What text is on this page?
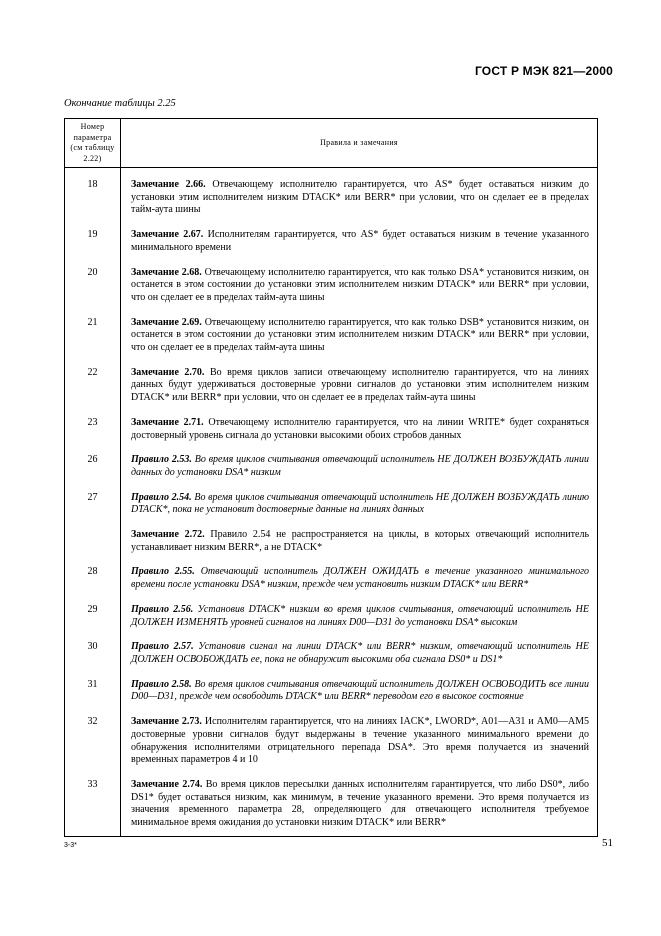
ГОСТ Р МЭК 821—2000
Окончание таблицы 2.25
Номер параметра (см таблицу 2.22)	Правила и замечания
18	Замечание 2.66. Отвечающему исполнителю гарантируется, что AS* будет оставаться низким до установки этим исполнителем низким DTACK* или BERR* при условии, что он сделает ее в пределах тайм-аута шины
19	Замечание 2.67. Исполнителям гарантируется, что AS* будет оставаться низким в течение указанного минимального времени
20	Замечание 2.68. Отвечающему исполнителю гарантируется, что как только DSA* установится низким, он останется в этом состоянии до установки этим исполнителем низким DTACK* или BERR* при условии, что он сделает ее в пределах тайм-аута шины
21	Замечание 2.69. Отвечающему исполнителю гарантируется, что как только DSB* установится низким, он останется в этом состоянии до установки этим исполнителем низким DTACK* или BERR* при условии, что он сделает ее в пределах тайм-аута шины
22	Замечание 2.70. Во время циклов записи отвечающему исполнителю гарантируется, что на линиях данных будут удерживаться достоверные уровни сигналов до установки этим исполнителем низким DTACK* или BERR* при условии, что он сделает ее в пределах тайм-аута шины
23	Замечание 2.71. Отвечающему исполнителю гарантируется, что на линии WRITE* будет сохраняться достоверный уровень сигнала до установки высокими обоих стробов данных
26	Правило 2.53. Во время циклов считывания отвечающий исполнитель НЕ ДОЛЖЕН ВОЗБУЖДАТЬ линии данных до установки DSA* низким
27	Правило 2.54. Во время циклов считывания отвечающий исполнитель НЕ ДОЛЖЕН ВОЗБУЖДАТЬ линию DTACK*, пока не установит достоверные данные на линиях данных
	Замечание 2.72. Правило 2.54 не распространяется на циклы, в которых отвечающий исполнитель устанавливает низким BERR*, а не DTACK*
28	Правило 2.55. Отвечающий исполнитель ДОЛЖЕН ОЖИДАТЬ в течение указанного минимального времени после установки DSA* низким, прежде чем установить низким DTACK* или BERR*
29	Правило 2.56. Установив DTACK* низким во время циклов считывания, отвечающий исполнитель НЕ ДОЛЖЕН ИЗМЕНЯТЬ уровней сигналов на линиях D00—D31 до установки DSA* высоким
30	Правило 2.57. Установив сигнал на линии DTACK* или BERR* низким, отвечающий исполнитель НЕ ДОЛЖЕН ОСВОБОЖДАТЬ ее, пока не обнаружит высокими оба сигнала DS0* и DS1*
31	Правило 2.58. Во время циклов считывания отвечающий исполнитель ДОЛЖЕН ОСВОБОДИТЬ все линии D00—D31, прежде чем освободить DTACK* или BERR* переводом его в высокое состояние
32	Замечание 2.73. Исполнителям гарантируется, что на линиях IACK*, LWORD*, A01—A31 и AM0—AM5 достоверные уровни сигналов будут выдержаны в течение указанного минимального времени до обнаружения исполнителями отрицательного перепада DSA*. Это время получается из значений временных параметров 4 и 10
33	Замечание 2.74. Во время циклов пересылки данных исполнителям гарантируется, что либо DS0*, либо DS1* будет оставаться низким, как минимум, в течение указанного времени. Это время получается из значения временного параметра 28, определяющего для отвечающего исполнителя требуемое минимальное время ожидания до установки низким DTACK* или BERR*
3-3*	51
